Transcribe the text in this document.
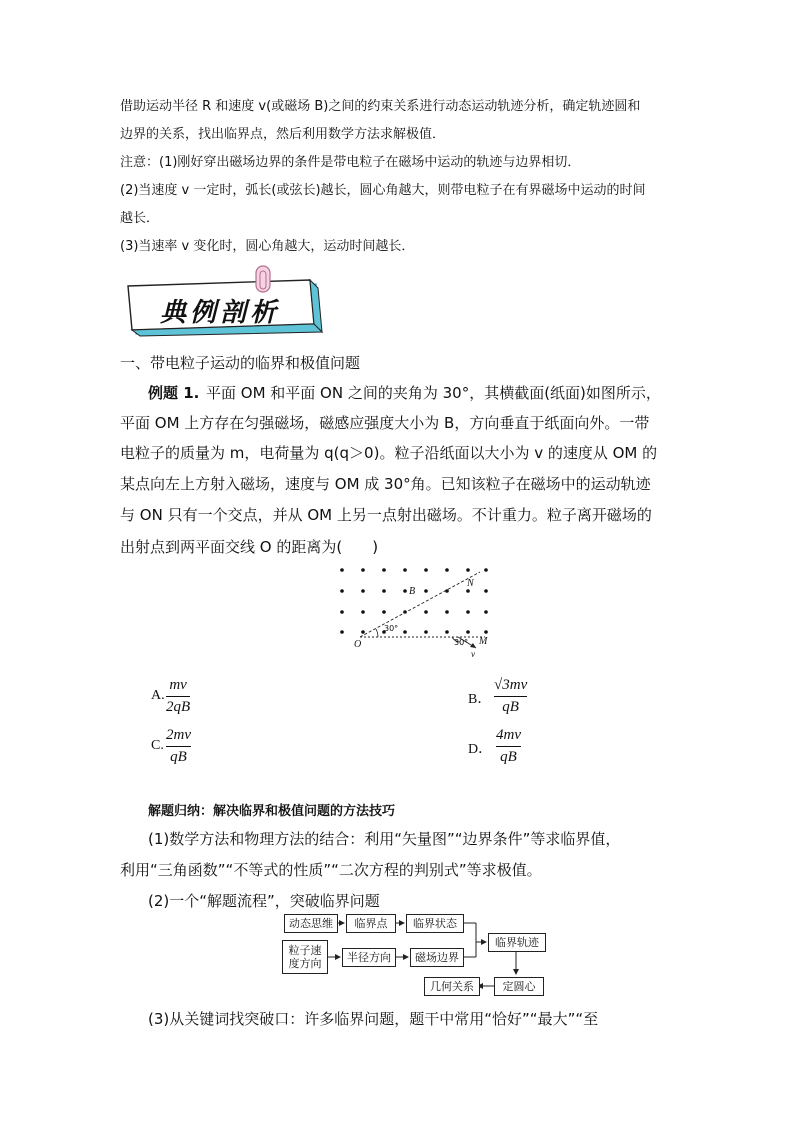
借助运动半径 R 和速度 v(或磁场 B)之间的约束关系进行动态运动轨迹分析，确定轨迹圆和
边界的关系，找出临界点，然后利用数学方法求解极值．
注意：(1)刚好穿出磁场边界的条件是带电粒子在磁场中运动的轨迹与边界相切．
(2)当速度 v 一定时，弧长(或弦长)越长，圆心角越大，则带电粒子在有界磁场中运动的时间
越长．
(3)当速率 v 变化时，圆心角越大，运动时间越长．
典例剖析
一、带电粒子运动的临界和极值问题
例题 1. 平面 OM 和平面 ON 之间的夹角为 30°，其横截面(纸面)如图所示，
平面 OM 上方存在匀强磁场，磁感应强度大小为 B，方向垂直于纸面向外。一带
电粒子的质量为 m，电荷量为 q(q＞0)。粒子沿纸面以大小为 v 的速度从 OM 的
某点向左上方射入磁场，速度与 OM 成 30°角。已知该粒子在磁场中的运动轨迹
与 ON 只有一个交点，并从 OM 上另一点射出磁场。不计重力。粒子离开磁场的
出射点到两平面交线 O 的距离为(　　)
B
N
O	M
v
30°
30°
A.
mv
2qB	B．
√3mv
qB
C.
2mv
qB	D．
4mv
qB
解题归纳：解决临界和极值问题的方法技巧
(1)数学方法和物理方法的结合：利用“矢量图”“边界条件”等求临界值，
利用“三角函数”“不等式的性质”“二次方程的判别式”等求极值。
(2)一个“解题流程”，突破临界问题
动态思维	临界点	临界状态
粒子速
度方向	半径方向	磁场边界
临界轨迹
几何关系	定圆心
(3)从关键词找突破口：许多临界问题，题干中常用“恰好”“最大”“至
